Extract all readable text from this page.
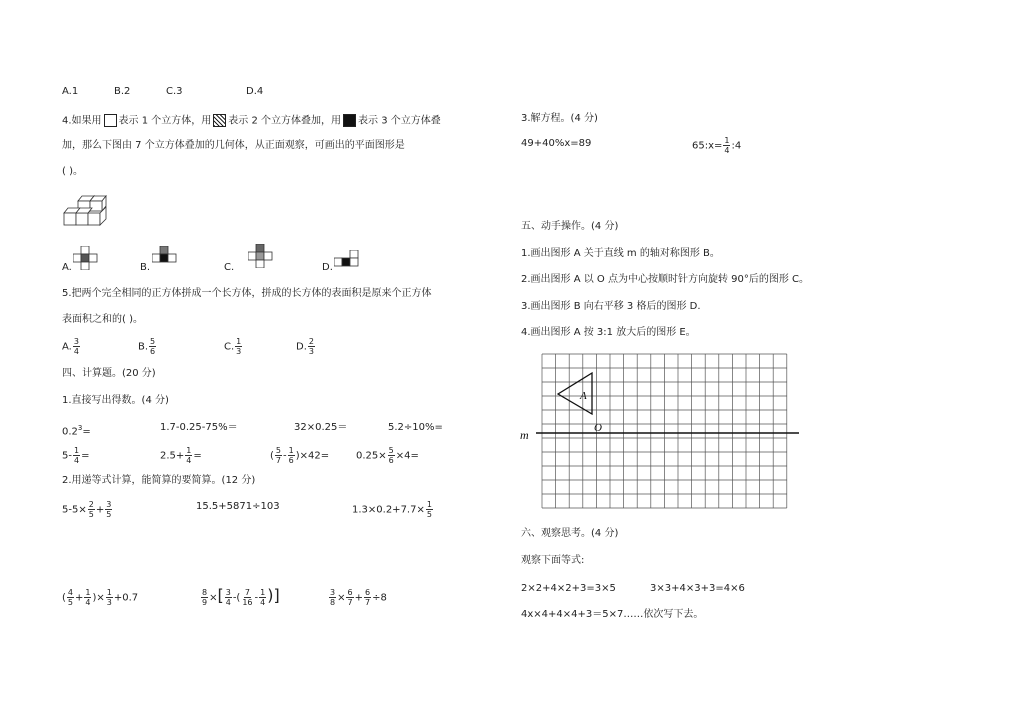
A.1	B.2	C.3	D.4
4.如果用 表示 1 个立方体，用 表示 2 个立方体叠加，用 表示 3 个立方体叠
加，那么下图由 7 个立方体叠加的几何体，从正面观察，可画出的平面图形是
( )。
A.	B.	C.	D.
5.把两个完全相同的正方体拼成一个长方体，拼成的长方体的表面积是原来个正方体
表面积之和的( )。
A. $\frac{3}{4}$	B. $\frac{5}{6}$	C. $\frac{1}{3}$	D. $\frac{2}{3}$
四、计算题。(20 分)
1.直接写出得数。(4 分)
$0.2^3=$	1.7-0.25-75%＝	32×0.25＝	5.2÷10%=
$5- \frac{1}{4}$ =	$2.5+ \frac{1}{4}$ =	( $\frac{5}{7} - \frac{1}{6} )\times 42=$	$0.25\times \frac{5}{6} \times 4=$
2.用递等式计算，能简算的要简算。(12 分)
$5-5\times \frac{2}{5} + \frac{3}{5}$	15.5+5871÷103	$1.3\times 0.2+7.7\times \frac{1}{5}$
( $\frac{4}{5} + \frac{1}{4}$ )× $\frac{1}{3} +0.7$	$\frac{8}{9}$ ×[ $\frac{3}{4}$ -( $\frac{7}{16} - \frac{1}{4}$ )]	$\frac{3}{8} \times \frac{6}{7} + \frac{6}{7} \div 8$
3.解方程。(4 分)
49+40%x=89	65:x= $\frac{1}{4}$ :4
五、动手操作。(4 分)
1.画出图形 A 关于直线 m 的轴对称图形 B。
2.画出图形 A 以 O 点为中心按顺时针方向旋转 90°后的图形 C。
3.画出图形 B 向右平移 3 格后的图形 D.
4.画出图形 A 按 3:1 放大后的图形 E。
A
O
m
六、观察思考。(4 分)
观察下面等式:
2×2+4×2+3=3×5	3×3+4×3+3=4×6
4x×4+4×4+3＝5×7……依次写下去。
